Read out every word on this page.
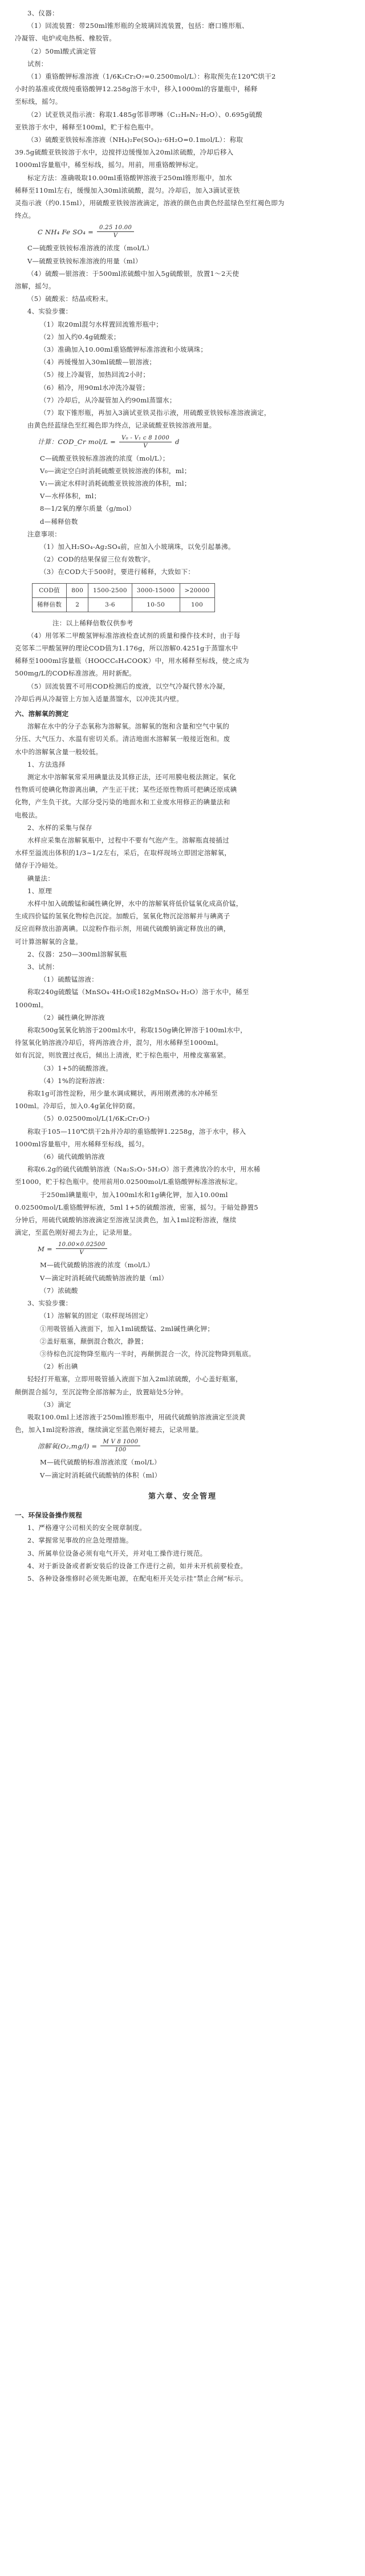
3、仪器：

（1）回流装置：带250ml锥形瓶的全玻璃回流装置，包括：磨口锥形瓶、

冷凝管、电炉或电热板、橡胶管。

（2）50ml酸式滴定管

试剂：

（1）重铬酸钾标准溶液（1/6K₂Cr₂O₇=0.2500mol/L）：称取预先在120℃烘干2

小时的基准或优级纯重铬酸钾12.258g溶于水中，移入1000ml的容量瓶中，稀释

至标线，摇匀。

（2）试亚铁灵指示液：称取1.485g邻菲啰啉（C₁₂H₈N₂·H₂O）、0.695g硫酸

亚铁溶于水中，稀释至100ml，贮于棕色瓶中。

（3）硫酸亚铁铵标准溶液（NH₄)₂Fe(SO₄)₂·6H₂O=0.1mol/L）：称取

39.5g硫酸亚铁铵溶于水中，边搅拌边缓慢加入20ml浓硫酸，冷却后移入

1000ml容量瓶中，稀至标线，摇匀。用前，用重铬酸钾标定。

标定方法：准确吸取10.00ml重铬酸钾溶液于250ml锥形瓶中，加水

稀释至110ml左右，缓慢加入30ml浓硫酸，混匀。冷却后，加入3滴试亚铁

灵指示液（约0.15ml），用硫酸亚铁铵溶液滴定，溶液的颜色由黄色经蓝绿色至红褐色即为

终点。

C NH₄ Fe $SO_4 = \frac{0.25 10.00}{V}$

C—硫酸亚铁铵标准溶液的浓度（mol/L）

V—硫酸亚铁铵标准溶液的用量（ml）

（4）硫酸—银溶液：于500ml浓硫酸中加入5g硫酸银，放置1～2天使

溶解，摇匀。

（5）硫酸汞：结晶或粉末。

4、实验步骤：

（1）取20ml混匀水样置回流锥形瓶中；

（2）加入约0.4g硫酸汞；

（3）准确加入10.00ml重铬酸钾标准溶液和小玻璃珠；

（4）再缓慢加入30ml硫酸—银溶液；

（5）接上冷凝管，加热回流2小时；

（6）稍冷，用90ml水冲洗冷凝管；

（7）冷却后，从冷凝管加入约90ml蒸馏水；

（7）取下锥形瓶，再加入3滴试亚铁灵指示液，用硫酸亚铁铵标准溶液滴定，

由黄色经蓝绿色至红褐色即为终点，记录硫酸亚铁铵溶液用量。

计算：COD_Cr $mol/L = \frac{\text{V₀ - V₁ c 8 1000}}{V}$ d

C—硫酸亚铁铵标准溶液的浓度（mol/L）；

V₀—滴定空白时消耗硫酸亚铁铵溶液的体积，ml；

V₁—滴定水样时消耗硫酸亚铁铵溶液的体积，ml；

V—水样体积，ml；

8—1/2氧的摩尔质量（g/mol）

d—稀释倍数

注意事项：

（1）加入H₂SO₄-Ag₂SO₄前，应加入小玻璃珠，以免引起暴沸。

（2）COD的结果保留三位有效数字。

（3）在COD大于500时，要进行稀释，大致如下：

COD值	800	1500-2500	3000-15000	>20000
稀释倍数	2	3-6	10-50	100

注：以上稀释倍数仅供参考

（4）用邻苯二甲酸氢钾标准溶液检查试剂的质量和操作技术时，由于每

克邻苯二甲酸氢钾的理论COD值为1.176g，所以溶解0.4251g于蒸馏水中

稀释至1000ml容量瓶（HOOCC₆H₄COOK）中，用水稀释至标线，使之成为

500mg/L的COD标准溶液。用时新配。

（5）回流装置不可用COD检测后的废液，以空气冷凝代替水冷凝，

冷却后再从冷凝管上方加入适量蒸馏水，以冲洗其内壁。

六、溶解氧的测定

溶解在水中的分子态氧称为溶解氧。溶解氧的饱和含量和空气中氧的

分压、大气压力、水温有密切关系。清洁地面水溶解氧一般接近饱和。废

水中的溶解氧含量一般较低。

1、方法选择

测定水中溶解氧常采用碘量法及其修正法，还可用膜电极法测定。氧化

性物质可使碘化物游离出碘，产生正干扰；某些还原性物质可把碘还原成碘

化物，产生负干扰。大部分受污染的地面水和工业废水用修正的碘量法和

电极法。

2、水样的采集与保存

水样应采集在溶解氧瓶中，过程中不要有气泡产生。溶解瓶直接插过

水样至溢流出体积的1/3~1/2左右，采后，在取样现场立即固定溶解氧，

储存于冷暗处。

碘量法：

1、原理

水样中加入硫酸锰和碱性碘化钾，水中的溶解氧将低价锰氧化成高价锰，

生成四价锰的氢氧化物棕色沉淀。加酸后，氢氧化物沉淀溶解并与碘离子

反应而释放出游离碘。以淀粉作指示剂，用硫代硫酸钠滴定释放出的碘，

可计算溶解氧的含量。

2、仪器：250—300ml溶解氧瓶

3、试剂：

（1）硫酸锰溶液：

称取240g硫酸锰（MnSO₄·4H₂O或182gMnSO₄·H₂O）溶于水中，稀至

1000ml。

（2）碱性碘化钾溶液

称取500g氢氧化钠溶于200ml水中，称取150g碘化钾溶于100ml水中，

待氢氧化钠溶液冷却后，将两溶液合并，混匀，用水稀释至1000ml。

如有沉淀，则放置过夜后，倾出上清液，贮于棕色瓶中，用橡皮塞塞紧。

（3）1+5的硫酸溶液。

（4）1%的淀粉溶液：

称取1g可溶性淀粉，用少量水调成糊状，再用刚煮沸的水冲稀至

100ml。冷却后，加入0.4g氯化锌防腐。

（5）0.02500mol/L(1/6K₂Cr₂O₇)

称取于105—110℃烘干2h并冷却的重铬酸钾1.2258g，溶于水中，移入

1000ml容量瓶中，用水稀释至标线，摇匀。

（6）硫代硫酸钠溶液

称取6.2g的硫代硫酸钠溶液（Na₂S₂O₃·5H₂O）溶于煮沸放冷的水中，用水稀

至1000，贮于棕色瓶中。使用前用0.02500mol/L重铬酸钾标准溶液标定。

于250ml碘量瓶中，加入100ml水和1g碘化钾，加入10.00ml

0.02500mol/L重铬酸钾标液，5ml 1+5的硫酸溶液，密塞，摇匀。于暗处静置5

分钟后，用硫代硫酸钠溶液滴定至溶液呈淡黄色，加入1ml淀粉溶液，继续

滴定，至蓝色刚好褪去为止，记录用量。

$M = \frac{10.00\times 0.02500}{V}$

M—硫代硫酸钠溶液的浓度（mol/L）

V—滴定时消耗硫代硫酸钠溶液的量（ml）

（7）浓硫酸

3、实验步骤：

（1）溶解氧的固定（取样现场固定）

①用吸管插入液面下，加入1ml硫酸锰、2ml碱性碘化钾；

②盖好瓶塞，颠倒混合数次，静置；

③待棕色沉淀物降至瓶内一半时，再颠倒混合一次，待沉淀物降到瓶底。

（2）析出碘

轻轻打开瓶塞，立即用吸管插入液面下加入2ml浓硫酸，小心盖好瓶塞，

颠倒混合摇匀，至沉淀物全部溶解为止，放置暗处5分钟。

（3）滴定

吸取100.0ml上述溶液于250ml锥形瓶中，用硫代硫酸钠溶液滴定至淡黄

色，加入1ml淀粉溶液，继续滴定至蓝色刚好褪去，记录用量。

溶解氧$(O_2,mg/l) = \frac{\text{M V 8 1000}}{100}$

M—硫代硫酸钠标准溶液浓度（mol/L）

V—滴定时消耗硫代硫酸钠的体积（ml）

第六章、安全管理

一、环保设备操作规程

1、严格遵守公司相关的安全规章制度。

2、掌握常见事故的应急处理措施。

3、所属单位设备必须有电气开关，并对电工操作进行规范。

4、对于新设备或者新安装后的设备工作进行之前，如并未开机前要检查。

5、各种设备维修时必须先断电源，在配电柜开关处示挂“禁止合闸”标示。
